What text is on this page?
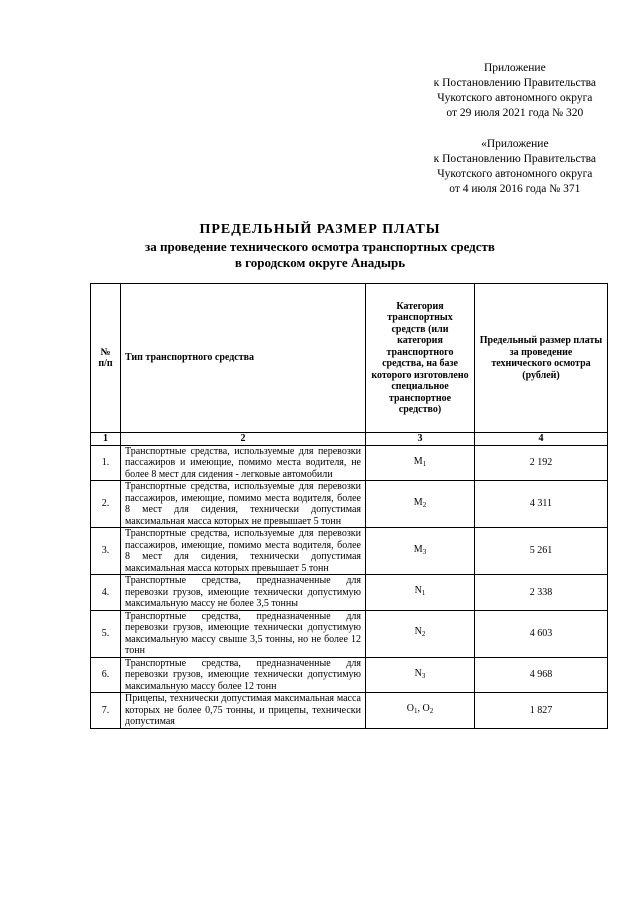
Приложение
к Постановлению Правительства
Чукотского автономного округа
от 29 июля 2021 года № 320
«Приложение
к Постановлению Правительства
Чукотского автономного округа
от 4 июля 2016 года № 371
ПРЕДЕЛЬНЫЙ РАЗМЕР ПЛАТЫ
за проведение технического осмотра транспортных средств
в городском округе Анадырь
№ п/п	Тип транспортного средства	Категория транспортных средств (или категория транспортного средства, на базе которого изготовлено специальное транспортное средство)	Предельный размер платы за проведение технического осмотра (рублей)
1	2	3	4
1.	Транспортные средства, используемые для перевозки пассажиров и имеющие, помимо места водителя, не более 8 мест для сидения - легковые автомобили	$M_1$	2 192
2.	Транспортные средства, используемые для перевозки пассажиров, имеющие, помимо места водителя, более 8 мест для сидения, технически допустимая максимальная масса которых не превышает 5 тонн	$M_2$	4 311
3.	Транспортные средства, используемые для перевозки пассажиров, имеющие, помимо места водителя, более 8 мест для сидения, технически допустимая максимальная масса которых превышает 5 тонн	$M_3$	5 261
4.	Транспортные средства, предназначенные для перевозки грузов, имеющие технически допустимую максимальную массу не более 3,5 тонны	$N_1$	2 338
5.	Транспортные средства, предназначенные для перевозки грузов, имеющие технически допустимую максимальную массу свыше 3,5 тонны, но не более 12 тонн	$N_2$	4 603
6.	Транспортные средства, предназначенные для перевозки грузов, имеющие технически допустимую максимальную массу более 12 тонн	$N_3$	4 968
7.	Прицепы, технически допустимая максимальная масса которых не более 0,75 тонны, и прицепы, технически допустимая	$O_1$, $O_2$	1 827
